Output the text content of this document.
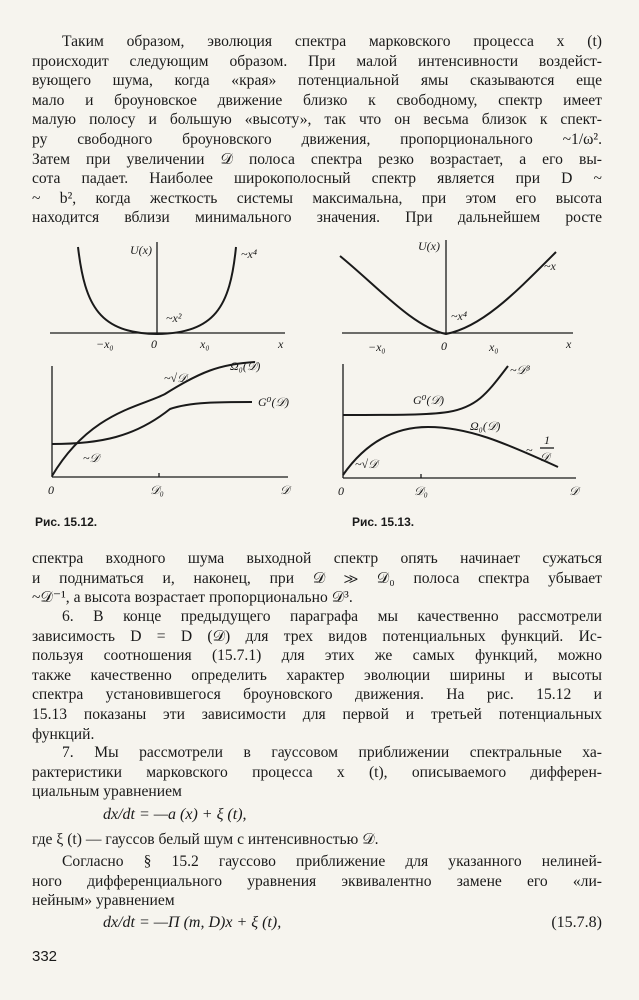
Таким образом, эволюция спектра марковского процесса x (t)
происходит следующим образом. При малой интенсивности воздейст-
вующего шума, когда «края» потенциальной ямы сказываются еще
мало и броуновское движение близко к свободному, спектр имеет
малую полосу и большую «высоту», так что он весьма близок к спект-
ру свободного броуновского движения, пропорционального ~1/ω².
Затем при увеличении 𝒟 полоса спектра резко возрастает, а его вы-
сота падает. Наиболее широкополосный спектр является при D ~
~ b², когда жесткость системы максимальна, при этом его высота
находится вблизи минимального значения. При дальнейшем росте
U(x)	~x⁴
~x²
−x₀	0	x₀	x
Ω₀(𝒟)
~√𝒟
G⁰(𝒟)
~𝒟
0	𝒟₀	𝒟
U(x)
~x
~x⁴
−x₀	0	x₀	x
~𝒟³
G⁰(𝒟)
Ω₀(𝒟)
1
𝒟
~
~√𝒟
0	𝒟₀	𝒟
Рис. 15.12.	Рис. 15.13.
спектра входного шума выходной спектр опять начинает сужаться
и подниматься и, наконец, при 𝒟 ≫ 𝒟₀ полоса спектра убывает
~𝒟⁻¹, а высота возрастает пропорционально 𝒟³.
6. В конце предыдущего параграфа мы качественно рассмотрели
зависимость D = D (𝒟) для трех видов потенциальных функций. Ис-
пользуя соотношения (15.7.1) для этих же самых функций, можно
также качественно определить характер эволюции ширины и высоты
спектра установившегося броуновского движения. На рис. 15.12 и
15.13 показаны эти зависимости для первой и третьей потенциальных
функций.
7. Мы рассмотрели в гауссовом приближении спектральные ха-
рактеристики марковского процесса x (t), описываемого дифферен-
циальным уравнением
dx/dt = —a (x) + ξ (t),
где ξ (t) — гауссов белый шум с интенсивностью 𝒟.
Согласно § 15.2 гауссово приближение для указанного нелиней-
ного дифференциального уравнения эквивалентно замене его «ли-
нейным» уравнением
dx/dt = —Π (m, D)x + ξ (t),	(15.7.8)
332
